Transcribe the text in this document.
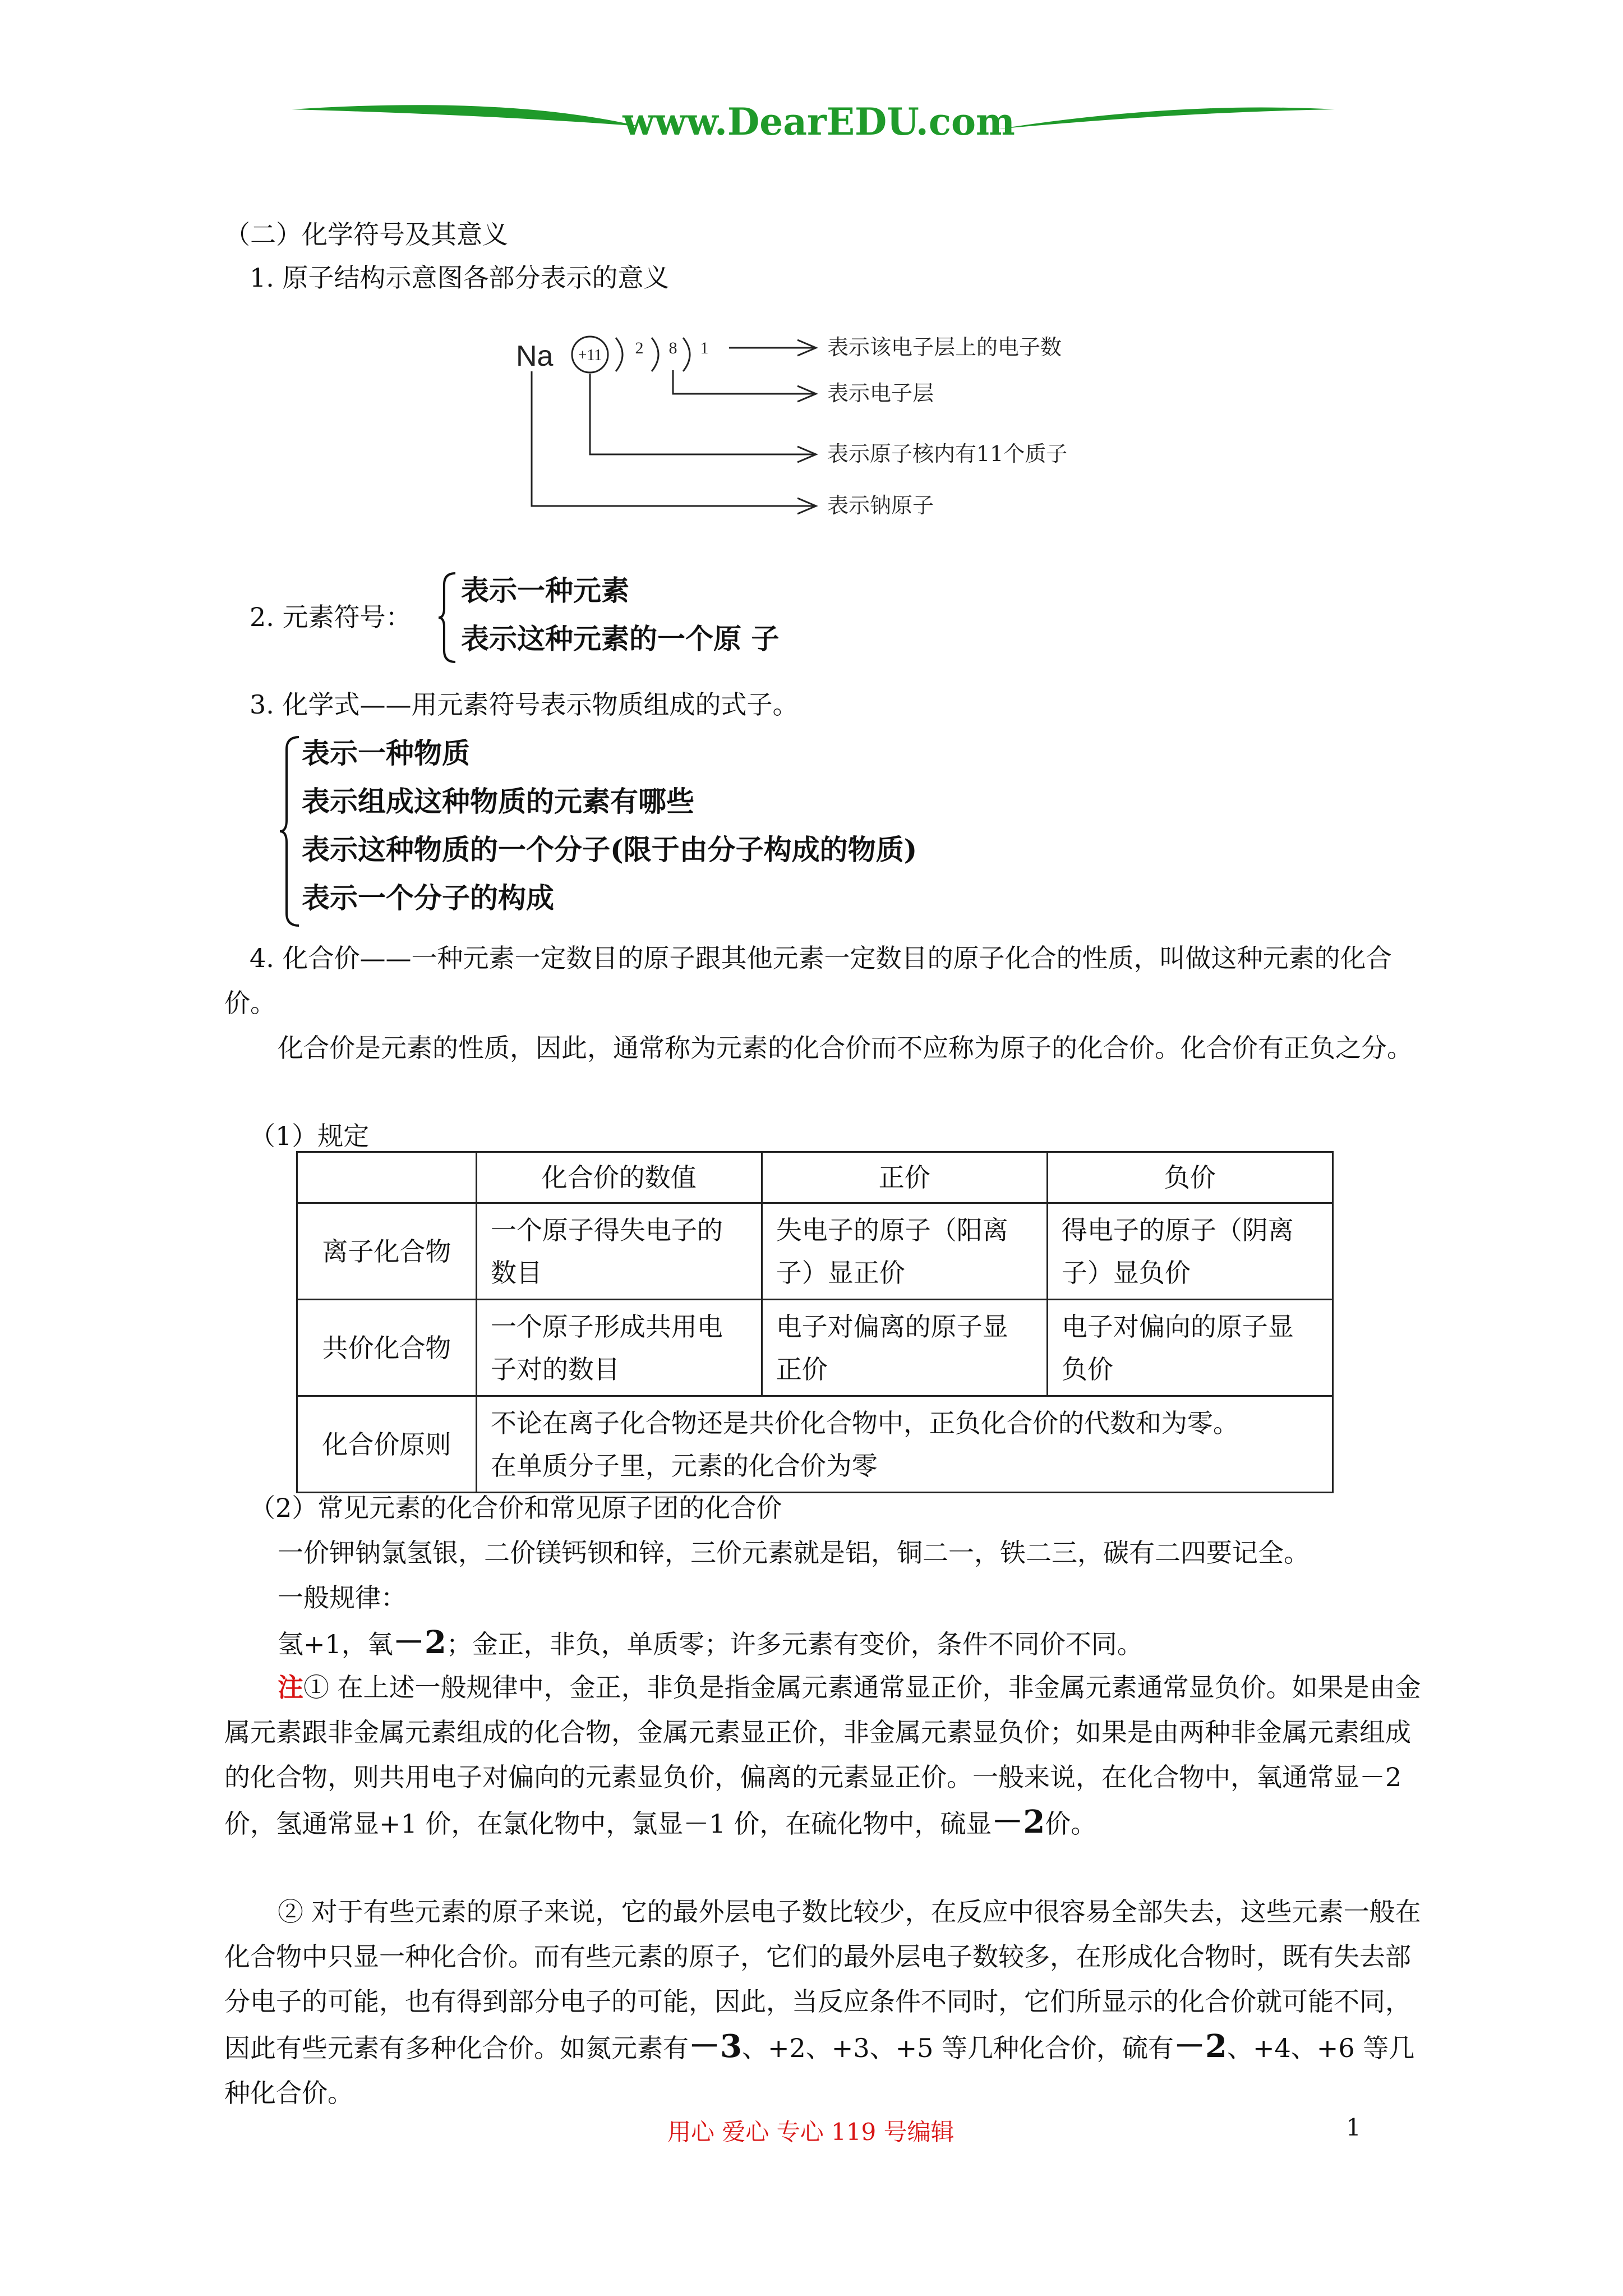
www.DearEDU.com
（二）化学符号及其意义
1. 原子结构示意图各部分表示的意义
Na +11 2 8 1	表示该电子层上的电子数
表示电子层
表示原子核内有11个质子
表示钠原子
2. 元素符号：
表示一种元素
表示这种元素的一个原 子
3. 化学式——用元素符号表示物质组成的式子。
表示一种物质
表示组成这种物质的元素有哪些
表示这种物质的一个分子(限于由分子构成的物质)
表示一个分子的构成
4. 化合价——一种元素一定数目的原子跟其他元素一定数目的原子化合的性质，叫做这种元素的化合价。
化合价是元素的性质，因此，通常称为元素的化合价而不应称为原子的化合价。化合价有正负之分。
（1）规定
	化合价的数值	正价	负价
离子化合物	一个原子得失电子的数目	失电子的原子（阳离子）显正价	得电子的原子（阴离子）显负价
共价化合物	一个原子形成共用电子对的数目	电子对偏离的原子显正价	电子对偏向的原子显负价
化合价原则	不论在离子化合物还是共价化合物中，正负化合价的代数和为零。
在单质分子里，元素的化合价为零		
（2）常见元素的化合价和常见原子团的化合价
一价钾钠氯氢银，二价镁钙钡和锌，三价元素就是铝，铜二一，铁二三，碳有二四要记全。
一般规律：
氢+1，氧－2；金正，非负，单质零；许多元素有变价，条件不同价不同。
注① 在上述一般规律中，金正，非负是指金属元素通常显正价，非金属元素通常显负价。如果是由金属元素跟非金属元素组成的化合物，金属元素显正价，非金属元素显负价；如果是由两种非金属元素组成的化合物，则共用电子对偏向的元素显负价，偏离的元素显正价。一般来说，在化合物中，氧通常显－2 价，氢通常显+1 价，在氯化物中，氯显－1 价，在硫化物中，硫显－2价。
② 对于有些元素的原子来说，它的最外层电子数比较少，在反应中很容易全部失去，这些元素一般在化合物中只显一种化合价。而有些元素的原子，它们的最外层电子数较多，在形成化合物时，既有失去部分电子的可能，也有得到部分电子的可能，因此，当反应条件不同时，它们所显示的化合价就可能不同，因此有些元素有多种化合价。如氮元素有－3、+2、+3、+5 等几种化合价，硫有－2、+4、+6 等几种化合价。
用心 爱心 专心 119 号编辑	1
